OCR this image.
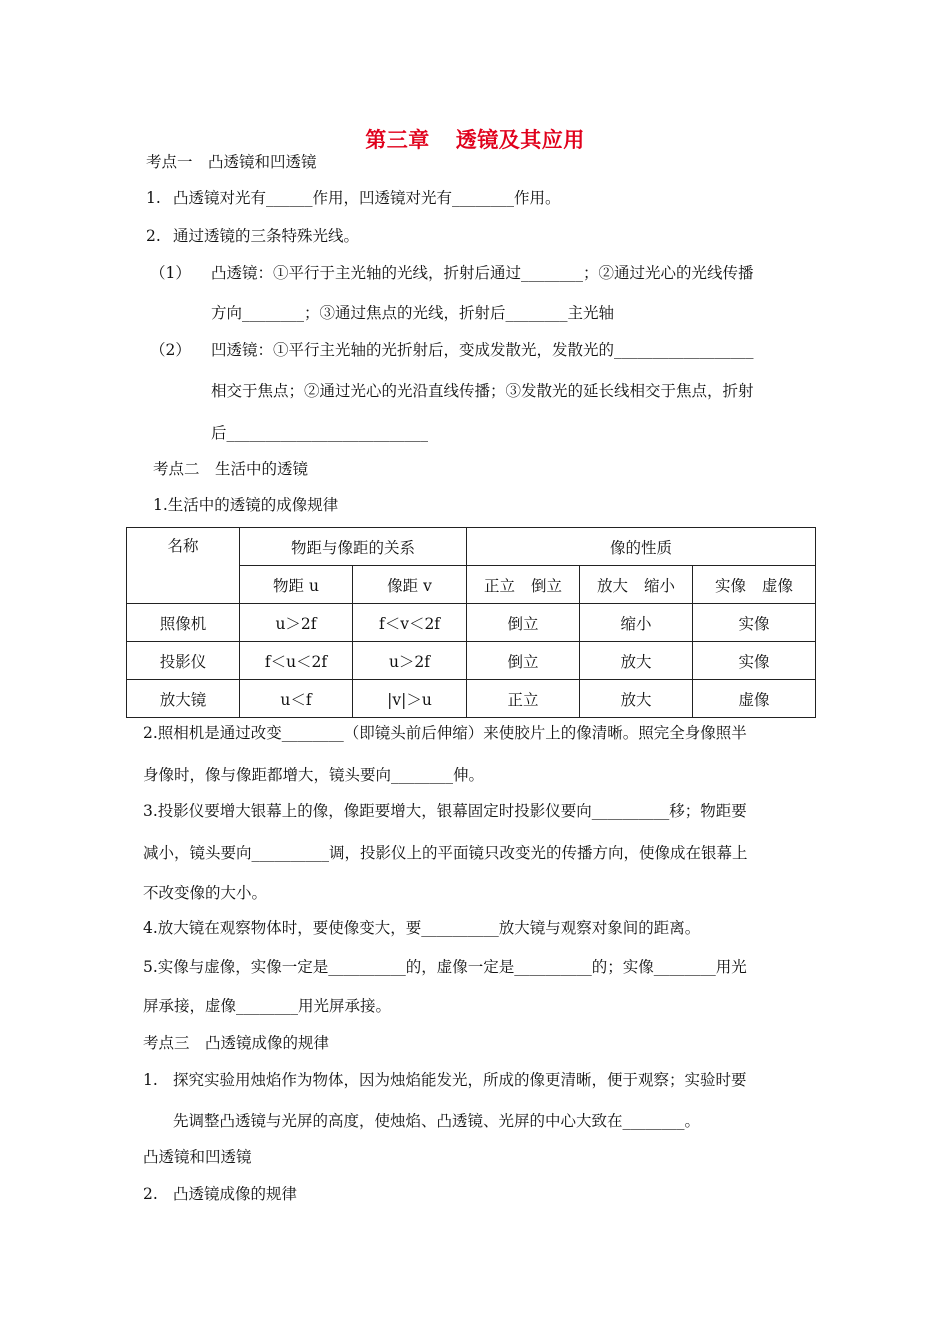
第三章 透镜及其应用

考点一　凸透镜和凹透镜

1. 凸透镜对光有______作用，凹透镜对光有________作用。

2. 通过透镜的三条特殊光线。

（1） 凸透镜：①平行于主光轴的光线，折射后通过________；②通过光心的光线传播

方向________；③通过焦点的光线，折射后________主光轴

（2） 凹透镜：①平行主光轴的光折射后，变成发散光，发散光的__________________

相交于焦点；②通过光心的光沿直线传播；③发散光的延长线相交于焦点，折射

后__________________________

考点二　生活中的透镜

1.生活中的透镜的成像规律

名称	物距与像距的关系		像的性质		
	物距 u	像距 v	正立 倒立	放大 缩小	实像 虚像
照像机	u＞2f	f＜v＜2f	倒立	缩小	实像
投影仪	f＜u＜2f	u＞2f	倒立	放大	实像
放大镜	u＜f	|v|＞u	正立	放大	虚像

2.照相机是通过改变________（即镜头前后伸缩）来使胶片上的像清晰。照完全身像照半

身像时，像与像距都增大，镜头要向________伸。

3.投影仪要增大银幕上的像，像距要增大，银幕固定时投影仪要向__________移；物距要

减小，镜头要向__________调，投影仪上的平面镜只改变光的传播方向，使像成在银幕上

不改变像的大小。

4.放大镜在观察物体时，要使像变大，要__________放大镜与观察对象间的距离。

5.实像与虚像，实像一定是__________的，虚像一定是__________的；实像________用光

屏承接，虚像________用光屏承接。

考点三　凸透镜成像的规律

1. 探究实验用烛焰作为物体，因为烛焰能发光，所成的像更清晰，便于观察；实验时要

先调整凸透镜与光屏的高度，使烛焰、凸透镜、光屏的中心大致在________。

凸透镜和凹透镜

2. 凸透镜成像的规律
